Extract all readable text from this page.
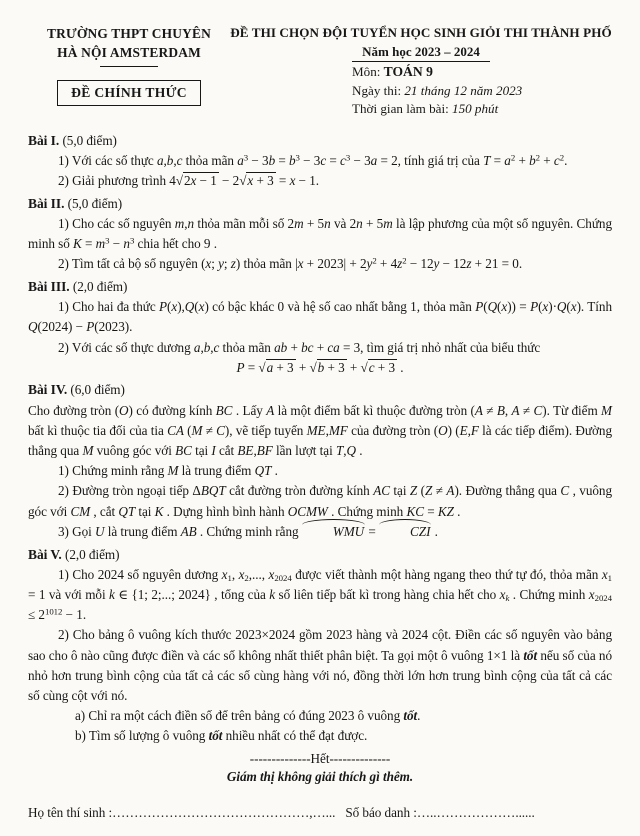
TRƯỜNG THPT CHUYÊN
HÀ NỘI AMSTERDAM
ĐỀ CHÍNH THỨC
ĐỀ THI CHỌN ĐỘI TUYỂN HỌC SINH GIỎI THI THÀNH PHỐ
Năm học 2023 – 2024
Môn: TOÁN 9
Ngày thi: 21 tháng 12 năm 2023
Thời gian làm bài: 150 phút

Bài I. (5,0 điểm)

1) Với các số thực a,b,c thỏa mãn $a^3 - 3b = b^3 - 3c = c^3 - 3a = 2$, tính giá trị của $T = a^2 + b^2 + c^2$.

2) Giải phương trình 4√2x − 1 − 2√x + 3 = x − 1.

Bài II. (5,0 điểm)

1) Cho các số nguyên m,n thỏa mãn mỗi số 2m + 5n và 2n + 5m là lập phương của một số nguyên. Chứng minh số $K = m^3 - n^3$ chia hết cho 9 .

2) Tìm tất cả bộ số nguyên (x; y; z) thỏa mãn $|x + 2023| + 2y^2 + 4z^2 - 12y - 12z + 21 = 0$.

Bài III. (2,0 điểm)

1) Cho hai đa thức P(x),Q(x) có bậc khác 0 và hệ số cao nhất bằng 1, thỏa mãn P(Q(x)) = P(x)·Q(x). Tính Q(2024) − P(2023).

2) Với các số thực dương a,b,c thỏa mãn ab + bc + ca = 3, tìm giá trị nhỏ nhất của biểu thức

P = √a + 3 + √b + 3 + √c + 3 .

Bài IV. (6,0 điểm)

Cho đường tròn (O) có đường kính BC . Lấy A là một điểm bất kì thuộc đường tròn (A ≠ B, A ≠ C). Từ điểm M bất kì thuộc tia đối của tia CA (M ≠ C), vẽ tiếp tuyến ME,MF của đường tròn (O) (E,F là các tiếp điểm). Đường thẳng qua M vuông góc với BC tại I cắt BE,BF lần lượt tại T,Q .

1) Chứng minh rằng M là trung điểm QT .

2) Đường tròn ngoại tiếp ΔBQT cắt đường tròn đường kính AC tại Z (Z ≠ A). Đường thẳng qua C , vuông góc với CM , cắt QT tại K . Dựng hình bình hành OCMW . Chứng minh KC = KZ .

3) Gọi U là trung điểm AB . Chứng minh rằng WMU = CZI .

Bài V. (2,0 điểm)

1) Cho 2024 số nguyên dương $x_1$, $x_2$,..., $x_{2024}$ được viết thành một hàng ngang theo thứ tự đó, thỏa mãn $x_1 = 1$ và với mỗi k ∈ {1; 2;...; 2024} , tổng của k số liên tiếp bất kì trong hàng chia hết cho $x_k$ . Chứng minh $x_{2024} \le 2^{1012} - 1$.

2) Cho bảng ô vuông kích thước 2023×2024 gồm 2023 hàng và 2024 cột. Điền các số nguyên vào bảng sao cho ô nào cũng được điền và các số không nhất thiết phân biệt. Ta gọi một ô vuông 1×1 là tốt nếu số của nó nhỏ hơn trung bình cộng của tất cả các số cùng hàng với nó, đồng thời lớn hơn trung bình cộng của tất cả các số cùng cột với nó.

a) Chỉ ra một cách điền số để trên bảng có đúng 2023 ô vuông tốt.

b) Tìm số lượng ô vuông tốt nhiều nhất có thể đạt được.

--------------Hết--------------
Giám thị không giải thích gì thêm.
Họ tên thí sinh : ………………………………………,…... Số báo danh : …..………………......
